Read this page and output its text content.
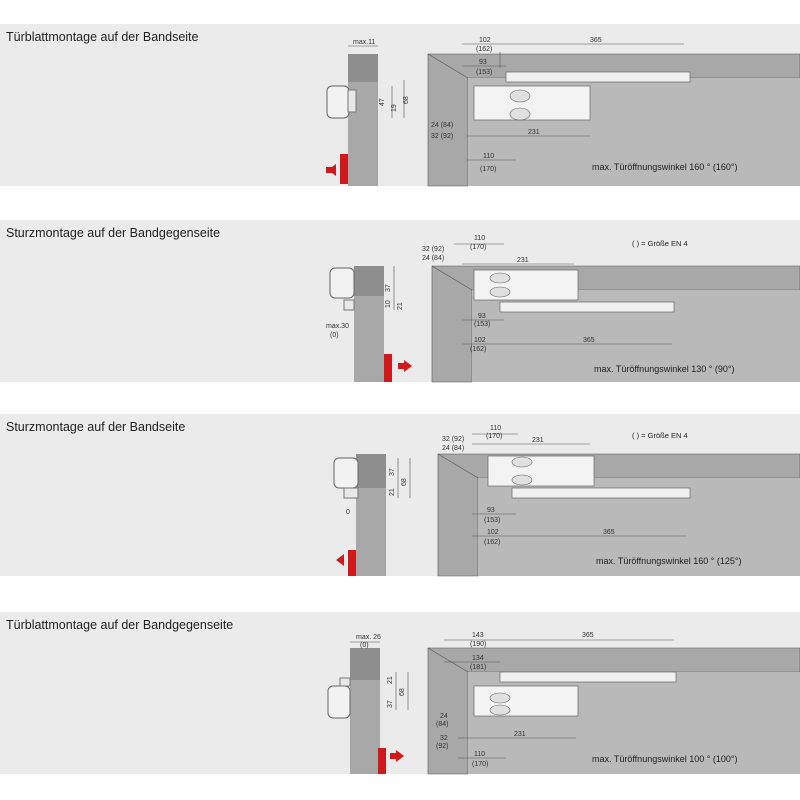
Türblattmontage auf der Bandseite	max.11
47
19
68
102
(162)
365
93
(153)
24 (84)
32 (92)
231
110
(170)	max. Türöffnungswinkel 160 ° (160°)
Sturzmontage auf der Bandgegenseite
37
21
10
max.30
(0)
110
(170)
32 (92)
24 (84)	231
93
(153)
102
(162)
365
( ) = Größe EN 4
max. Türöffnungswinkel 130 ° (90°)
Sturzmontage auf der Bandseite
37
21
68
0
110
(170)
32 (92)
24 (84)
231
93
(153)
102
(162)
365
( ) = Größe EN 4
max. Türöffnungswinkel 160 ° (125°)
Türblattmontage auf der Bandgegenseite
max. 26
(0)
21
37
68
143
(190)
365
134
(181)
24
(84)
32
(92)
231
110
(170)
max. Türöffnungswinkel 100 ° (100°)
